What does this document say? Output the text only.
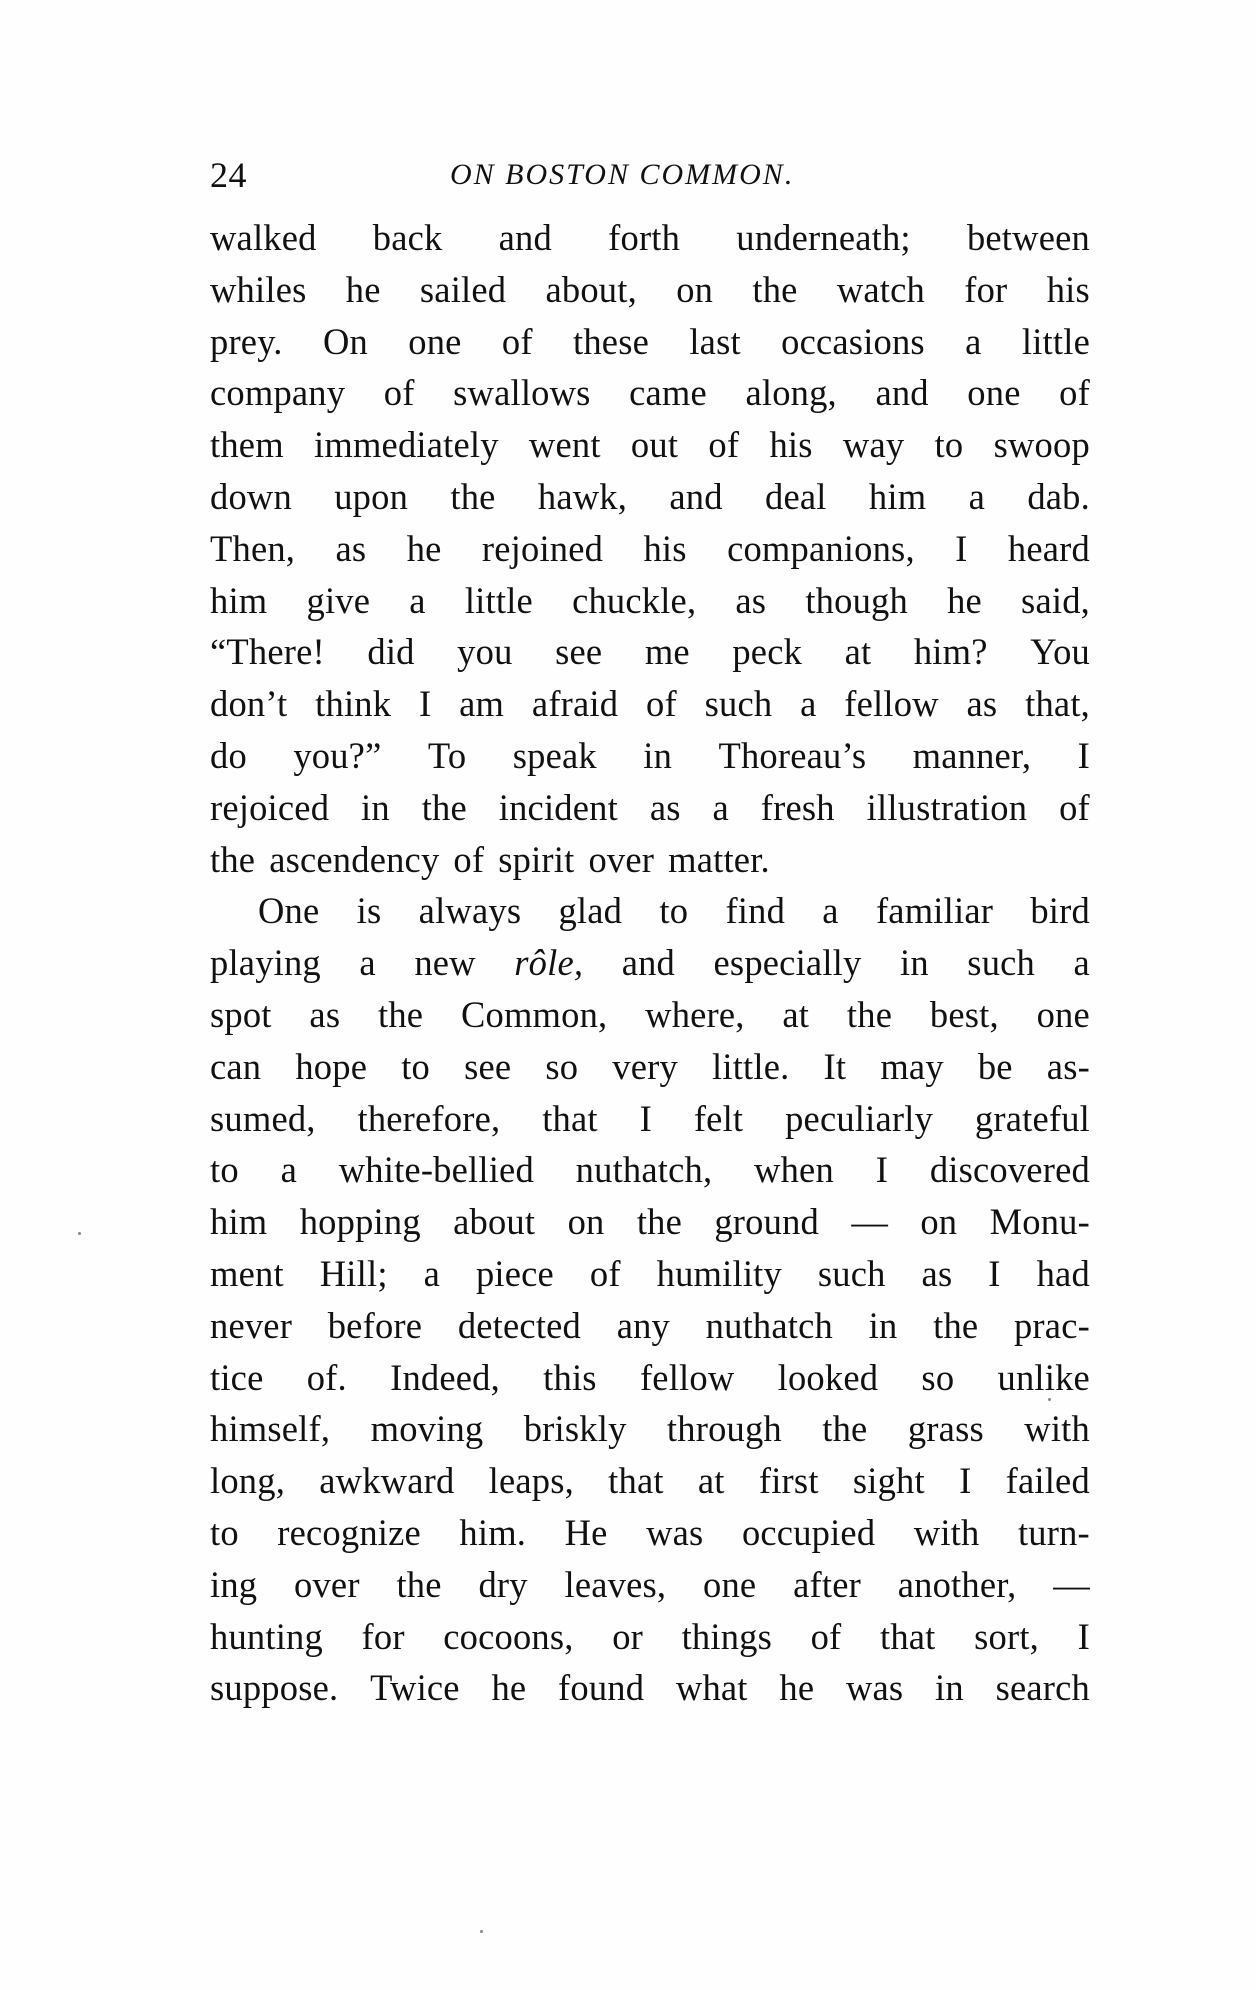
24	ON BOSTON COMMON.
walked back and forth underneath; between
whiles he sailed about, on the watch for his
prey. On one of these last occasions a little
company of swallows came along, and one of
them immediately went out of his way to swoop
down upon the hawk, and deal him a dab.
Then, as he rejoined his companions, I heard
him give a little chuckle, as though he said,
“There! did you see me peck at him? You
don’t think I am afraid of such a fellow as that,
do you?” To speak in Thoreau’s manner, I
rejoiced in the incident as a fresh illustration of
the ascendency of spirit over matter.
One is always glad to find a familiar bird
playing a new rôle, and especially in such a
spot as the Common, where, at the best, one
can hope to see so very little. It may be as-
sumed, therefore, that I felt peculiarly grateful
to a white-bellied nuthatch, when I discovered
him hopping about on the ground — on Monu-
ment Hill; a piece of humility such as I had
never before detected any nuthatch in the prac-
tice of. Indeed, this fellow looked so unlike
himself, moving briskly through the grass with
long, awkward leaps, that at first sight I failed
to recognize him. He was occupied with turn-
ing over the dry leaves, one after another, —
hunting for cocoons, or things of that sort, I
suppose. Twice he found what he was in search
